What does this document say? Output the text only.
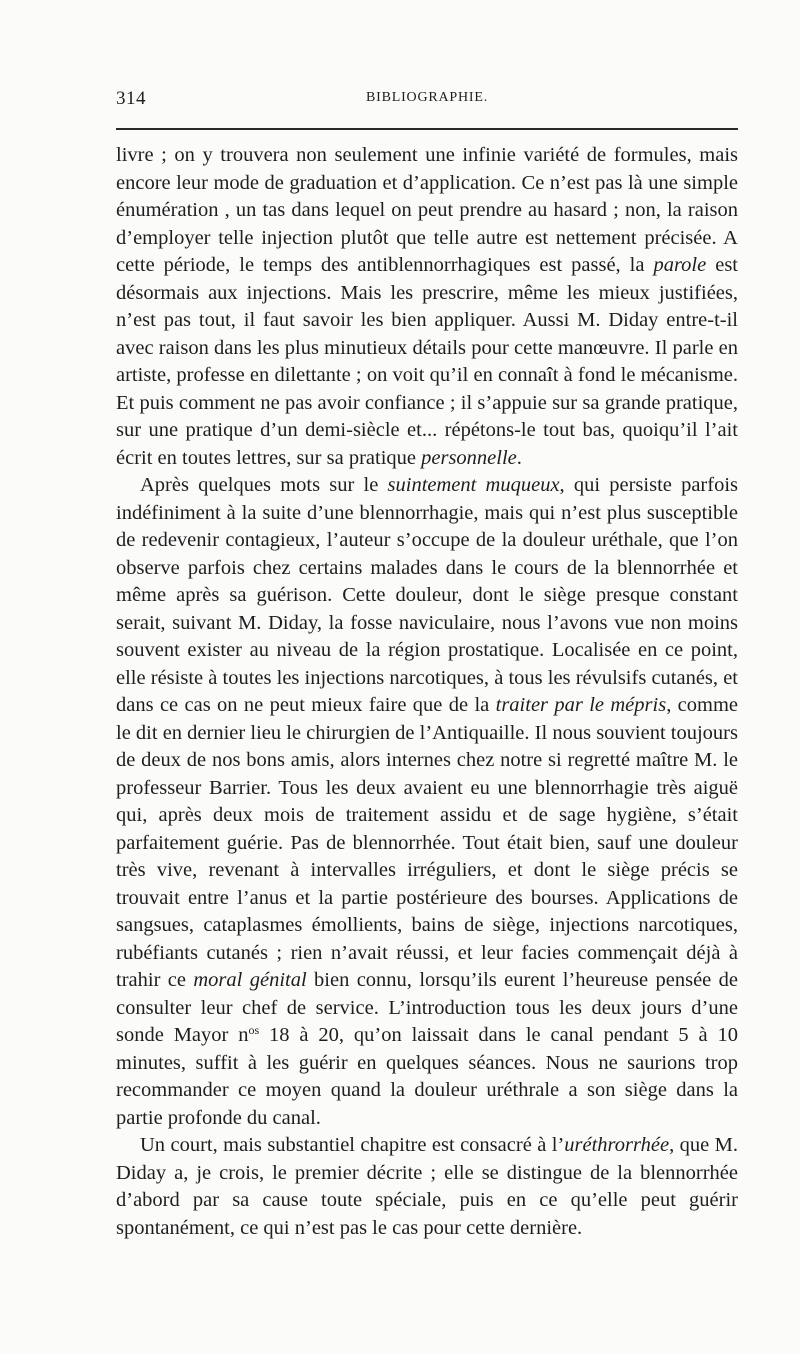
314	BIBLIOGRAPHIE.

livre ; on y trouvera non seulement une infinie variété de formules, mais encore leur mode de graduation et d’application. Ce n’est pas là une simple énumération , un tas dans lequel on peut prendre au hasard ; non, la raison d’employer telle injection plutôt que telle autre est nettement précisée. A cette période, le temps des antiblennorrhagiques est passé, la parole est désormais aux injections. Mais les prescrire, même les mieux justifiées, n’est pas tout, il faut savoir les bien appliquer. Aussi M. Diday entre-t-il avec raison dans les plus minutieux détails pour cette manœuvre. Il parle en artiste, professe en dilettante ; on voit qu’il en connaît à fond le mécanisme. Et puis comment ne pas avoir confiance ; il s’appuie sur sa grande pratique, sur une pratique d’un demi-siècle et... répétons-le tout bas, quoiqu’il l’ait écrit en toutes lettres, sur sa pratique personnelle.

Après quelques mots sur le suintement muqueux, qui persiste parfois indéfiniment à la suite d’une blennorrhagie, mais qui n’est plus susceptible de redevenir contagieux, l’auteur s’occupe de la douleur uréthale, que l’on observe parfois chez certains malades dans le cours de la blennorrhée et même après sa guérison. Cette douleur, dont le siège presque constant serait, suivant M. Diday, la fosse naviculaire, nous l’avons vue non moins souvent exister au niveau de la région prostatique. Localisée en ce point, elle résiste à toutes les injections narcotiques, à tous les révulsifs cutanés, et dans ce cas on ne peut mieux faire que de la traiter par le mépris, comme le dit en dernier lieu le chirurgien de l’Antiquaille. Il nous souvient toujours de deux de nos bons amis, alors internes chez notre si regretté maître M. le professeur Barrier. Tous les deux avaient eu une blennorrhagie très aiguë qui, après deux mois de traitement assidu et de sage hygiène, s’était parfaitement guérie. Pas de blennorrhée. Tout était bien, sauf une douleur très vive, revenant à intervalles irréguliers, et dont le siège précis se trouvait entre l’anus et la partie postérieure des bourses. Applications de sangsues, cataplasmes émollients, bains de siège, injections narcotiques, rubéfiants cutanés ; rien n’avait réussi, et leur facies commençait déjà à trahir ce moral génital bien connu, lorsqu’ils eurent l’heureuse pensée de consulter leur chef de service. L’introduction tous les deux jours d’une sonde Mayor $n^{os}$ 18 à 20, qu’on laissait dans le canal pendant 5 à 10 minutes, suffit à les guérir en quelques séances. Nous ne saurions trop recommander ce moyen quand la douleur uréthrale a son siège dans la partie profonde du canal.

Un court, mais substantiel chapitre est consacré à l’uréthrorrhée, que M. Diday a, je crois, le premier décrite ; elle se distingue de la blennorrhée d’abord par sa cause toute spéciale, puis en ce qu’elle peut guérir spontanément, ce qui n’est pas le cas pour cette dernière.
